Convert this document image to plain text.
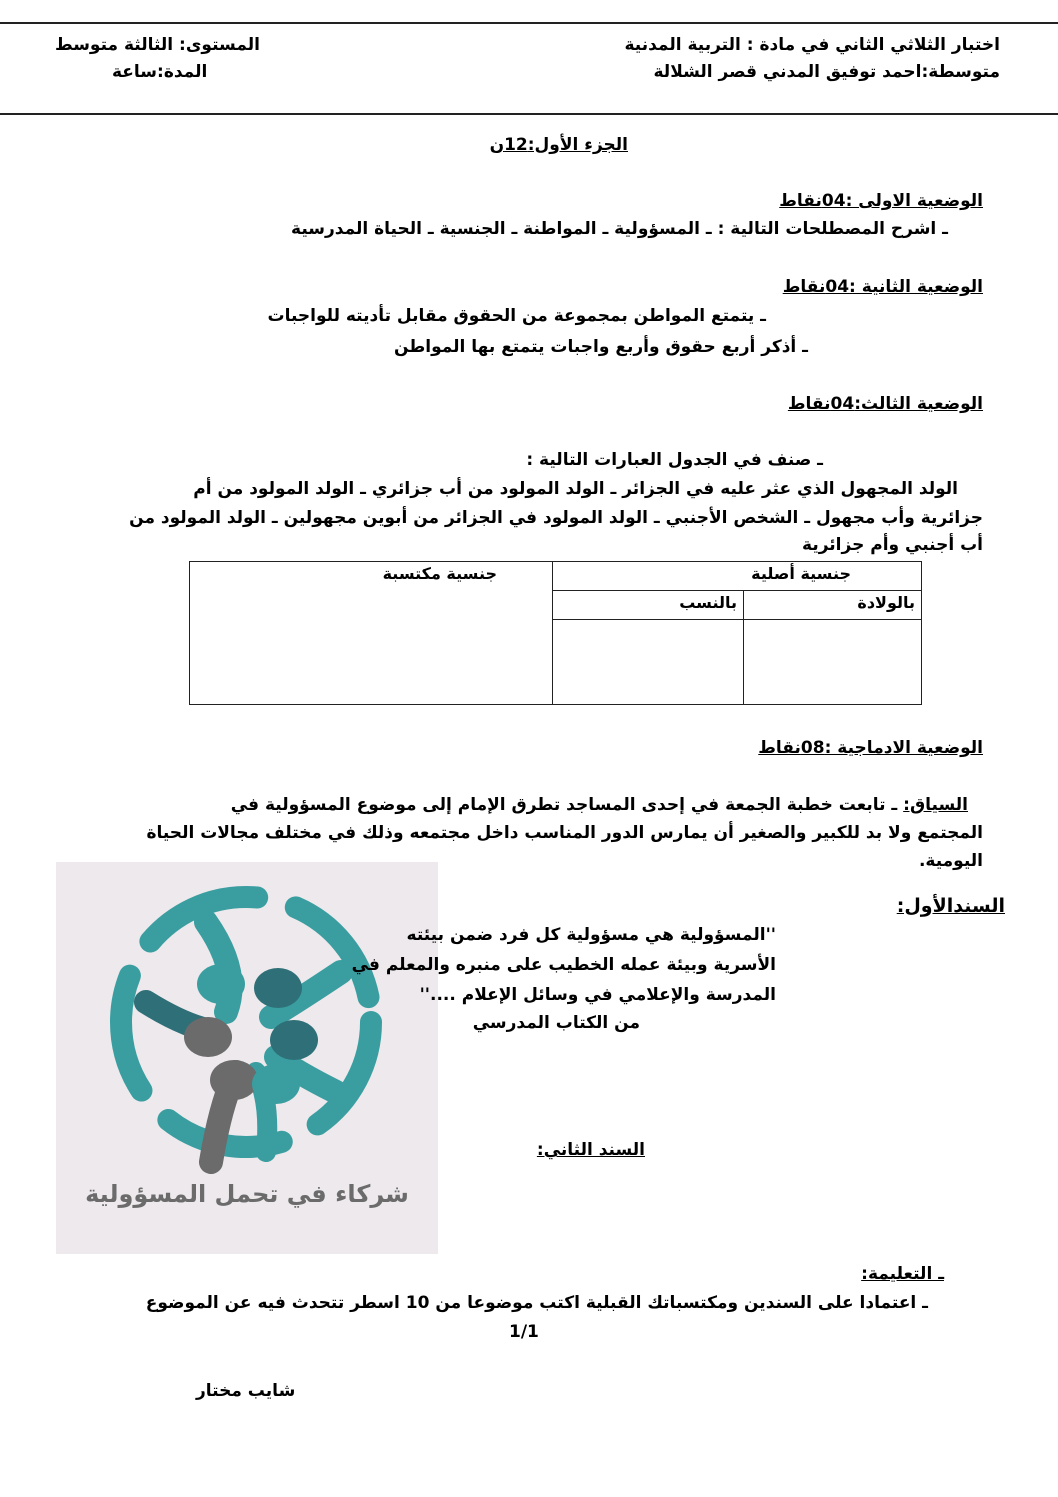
اختبار الثلاثي الثاني في مادة : التربية المدنية
متوسطة:احمد توفيق المدني قصر الشلالة
المستوى: الثالثة متوسط
المدة:ساعة
الجزء الأول:12ن
الوضعية الاولى :04نقاط
ـ اشرح المصطلحات التالية : ـ المسؤولية ـ المواطنة ـ الجنسية ـ الحياة المدرسية
الوضعية الثانية :04نقاط
ـ يتمتع المواطن بمجموعة من الحقوق مقابل تأديته للواجبات
ـ أذكر أربع حقوق وأربع واجبات يتمتع بها المواطن
الوضعية الثالث:04نقاط
ـ صنف في الجدول العبارات التالية :
الولد المجهول الذي عثر عليه في الجزائر ـ الولد المولود من أب جزائري ـ الولد المولود من أم
جزائرية وأب مجهول ـ الشخص الأجنبي ـ الولد المولود في الجزائر من أبوين مجهولين ـ الولد المولود من
أب أجنبي وأم جزائرية
جنسية أصلية		جنسية مكتسبة
بالولادة	بالنسب	

الوضعية الادماجية :08نقاط
السياق: ـ تابعت خطبة الجمعة في إحدى المساجد تطرق الإمام إلى موضوع المسؤولية في
المجتمع ولا بد للكبير والصغير أن يمارس الدور المناسب داخل مجتمعه وذلك في مختلف مجالات الحياة
اليومية.
شركاء في تحمل المسؤولية
السندالأول:
''المسؤولية هي مسؤولية كل فرد ضمن بيئته
الأسرية وبيئة عمله الخطيب على منبره والمعلم في
المدرسة والإعلامي في وسائل الإعلام ....''
من الكتاب المدرسي
السند الثاني:
ـ التعليمة:
ـ اعتمادا على السندين ومكتسباتك القبلية اكتب موضوعا من 10 اسطر تتحدث فيه عن الموضوع
1/1
شايب مختار
